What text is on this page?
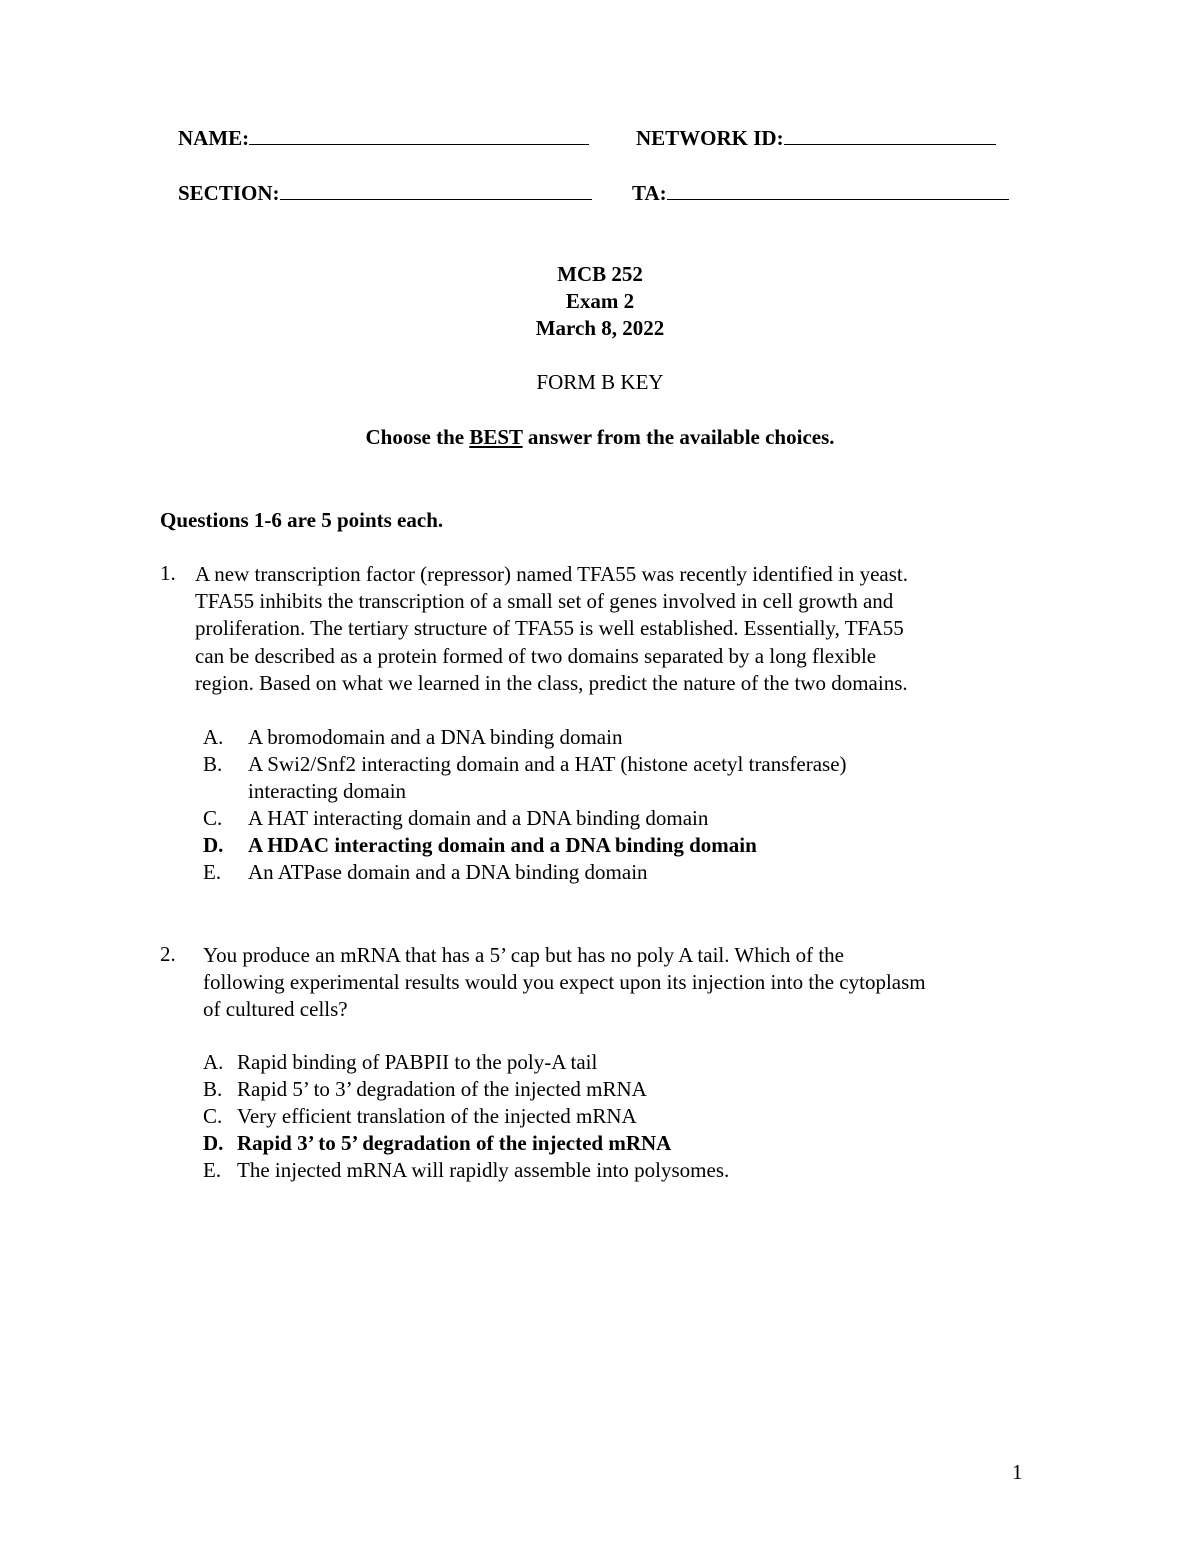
NAME:	NETWORK ID:
SECTION:	TA:
MCB 252
Exam 2
March 8, 2022
FORM B KEY
Choose the BEST answer from the available choices.
Questions 1-6 are 5 points each.
1. A new transcription factor (repressor) named TFA55 was recently identified in yeast.
TFA55 inhibits the transcription of a small set of genes involved in cell growth and
proliferation. The tertiary structure of TFA55 is well established. Essentially, TFA55
can be described as a protein formed of two domains separated by a long flexible
region. Based on what we learned in the class, predict the nature of the two domains.
A. A bromodomain and a DNA binding domain
B. A Swi2/Snf2 interacting domain and a HAT (histone acetyl transferase)
interacting domain
C. A HAT interacting domain and a DNA binding domain
D. A HDAC interacting domain and a DNA binding domain
E. An ATPase domain and a DNA binding domain
2. You produce an mRNA that has a 5’ cap but has no poly A tail. Which of the
following experimental results would you expect upon its injection into the cytoplasm
of cultured cells?
A. Rapid binding of PABPII to the poly-A tail
B. Rapid 5’ to 3’ degradation of the injected mRNA
C. Very efficient translation of the injected mRNA
D. Rapid 3’ to 5’ degradation of the injected mRNA
E. The injected mRNA will rapidly assemble into polysomes.
1
